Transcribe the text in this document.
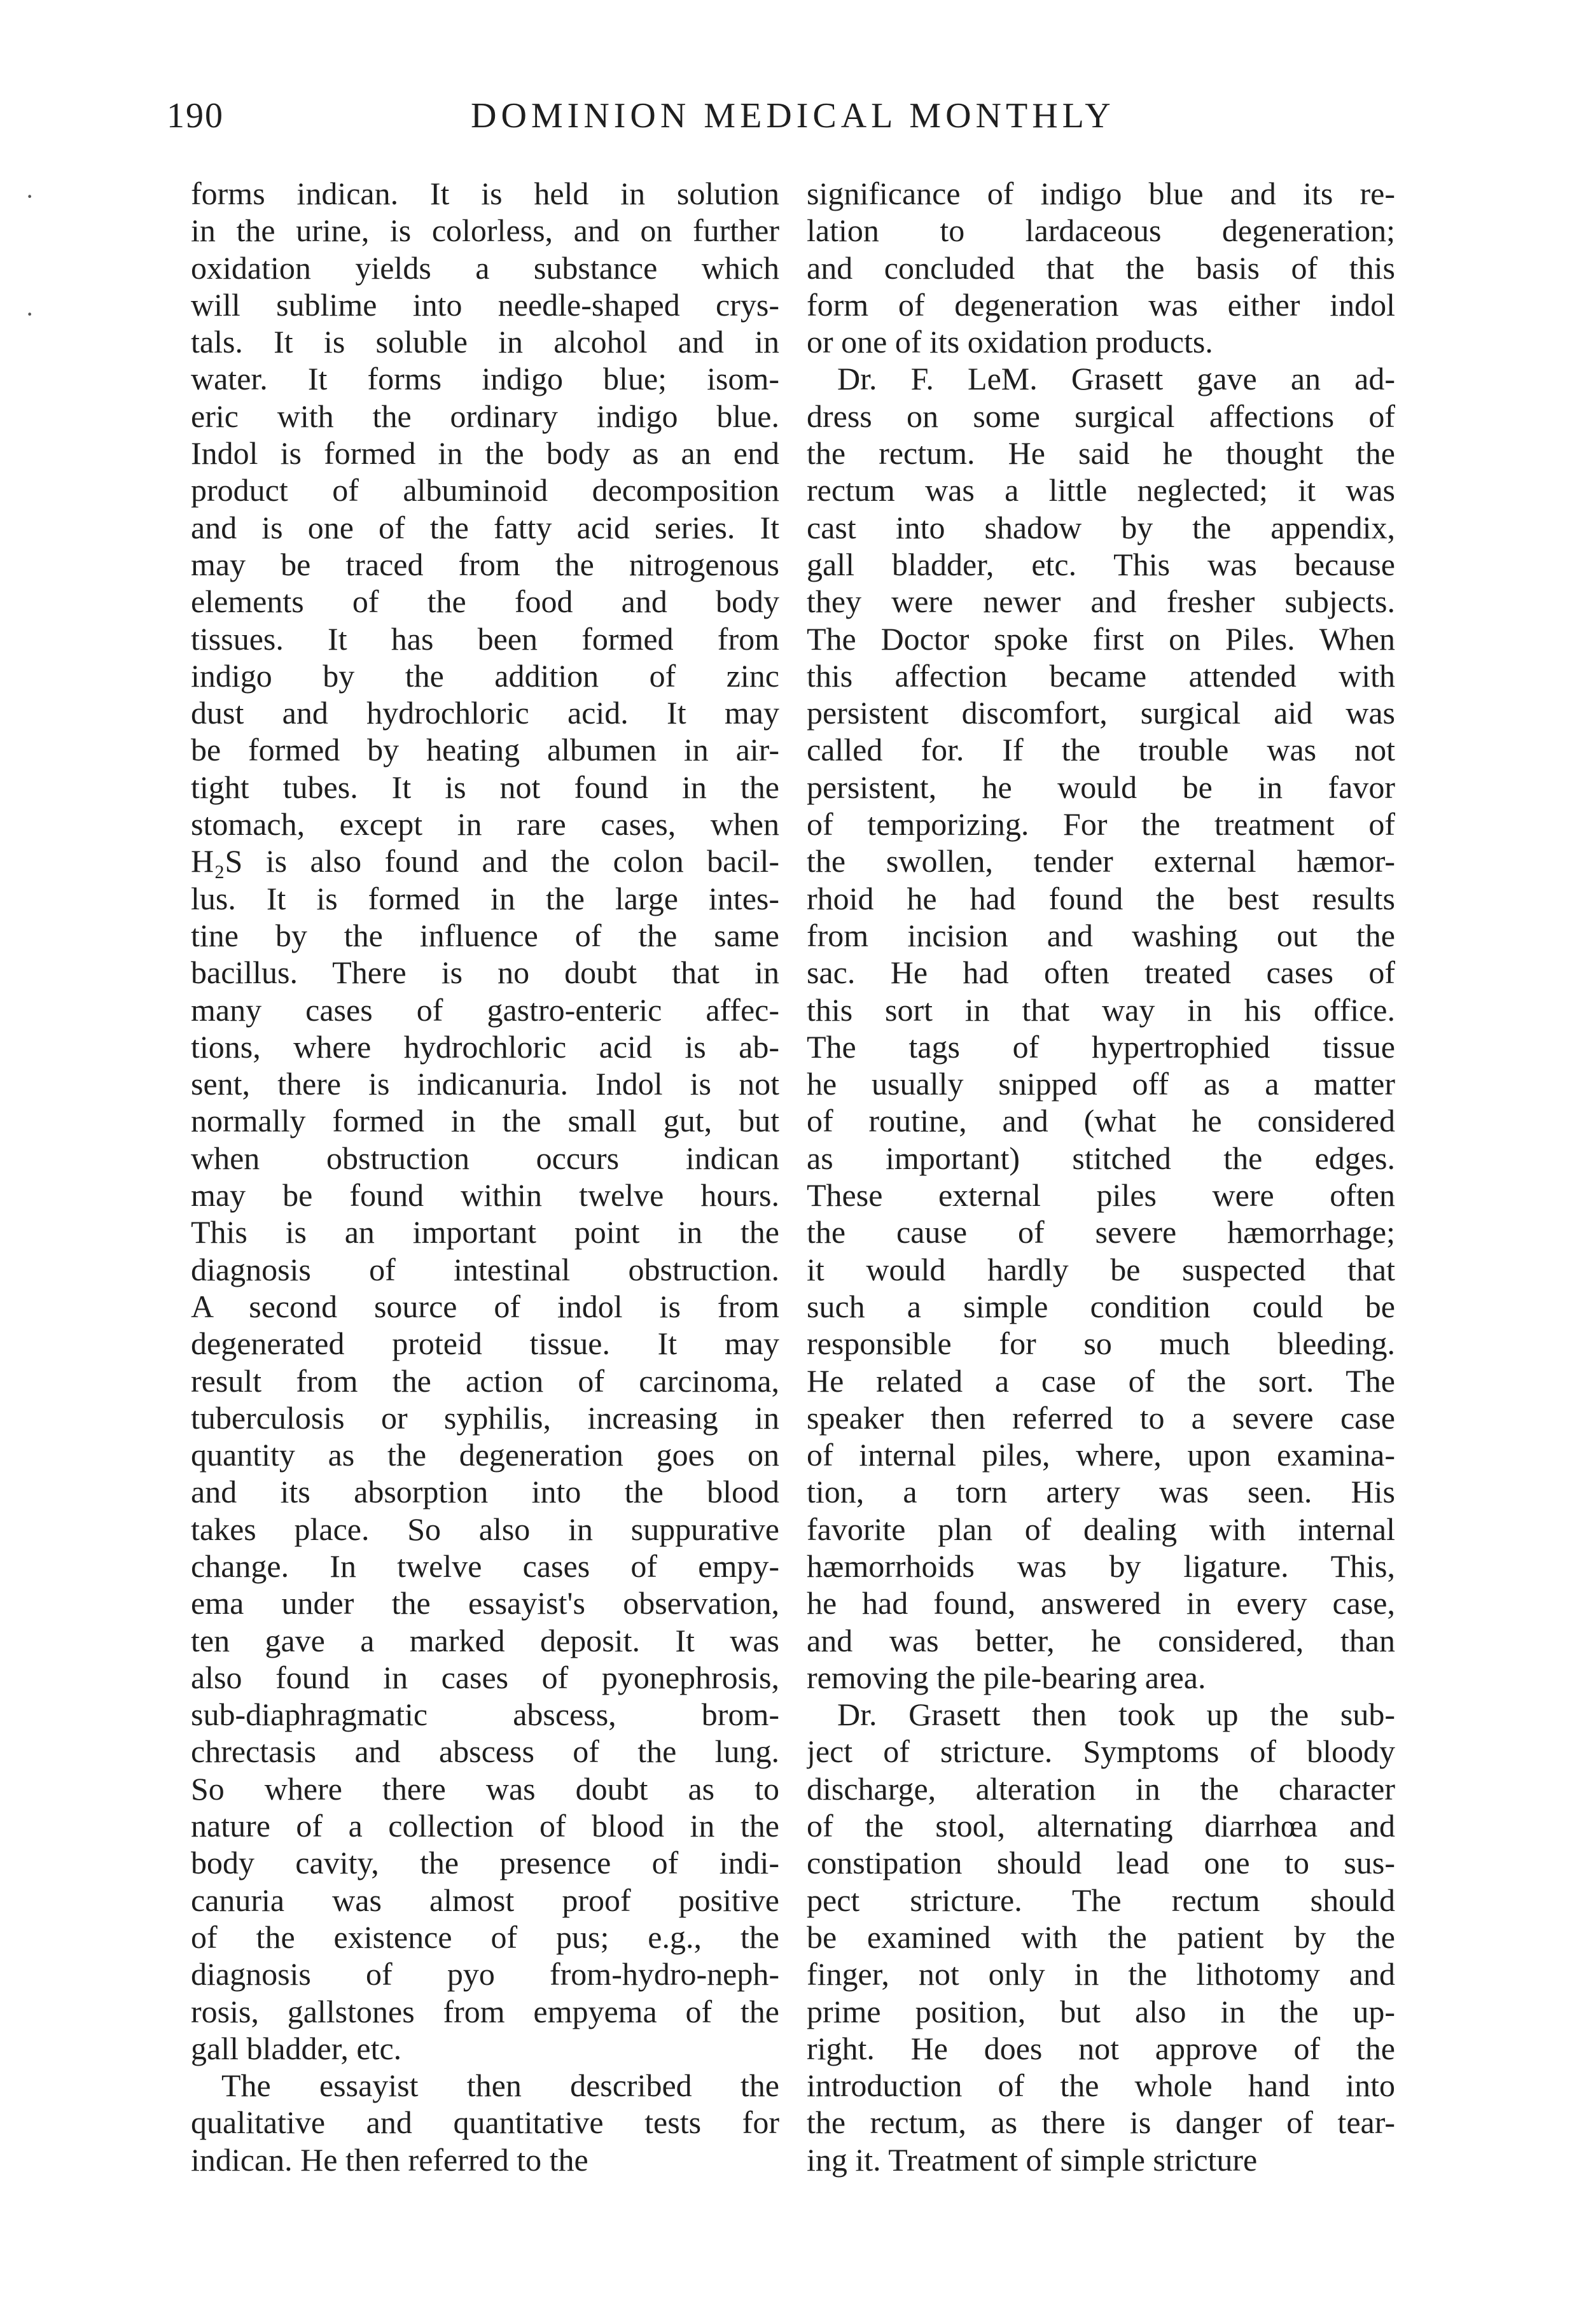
190	DOMINION MEDICAL MONTHLY
·
·
forms indican. It is held in solution
in the urine, is colorless, and on further
oxidation yields a substance which
will sublime into needle-shaped crys-
tals. It is soluble in alcohol and in
water. It forms indigo blue; isom-
eric with the ordinary indigo blue.
Indol is formed in the body as an end
product of albuminoid decomposition
and is one of the fatty acid series. It
may be traced from the nitrogenous
elements of the food and body
tissues. It has been formed from
indigo by the addition of zinc
dust and hydrochloric acid. It may
be formed by heating albumen in air-
tight tubes. It is not found in the
stomach, except in rare cases, when
H₂S is also found and the colon bacil-
lus. It is formed in the large intes-
tine by the influence of the same
bacillus. There is no doubt that in
many cases of gastro-enteric affec-
tions, where hydrochloric acid is ab-
sent, there is indicanuria. Indol is not
normally formed in the small gut, but
when obstruction occurs indican
may be found within twelve hours.
This is an important point in the
diagnosis of intestinal obstruction.
A second source of indol is from
degenerated proteid tissue. It may
result from the action of carcinoma,
tuberculosis or syphilis, increasing in
quantity as the degeneration goes on
and its absorption into the blood
takes place. So also in suppurative
change. In twelve cases of empy-
ema under the essayist's observation,
ten gave a marked deposit. It was
also found in cases of pyonephrosis,
sub-diaphragmatic abscess, brom-
chrectasis and abscess of the lung.
So where there was doubt as to
nature of a collection of blood in the
body cavity, the presence of indi-
canuria was almost proof positive
of the existence of pus; e.g., the
diagnosis of pyo from-hydro-neph-
rosis, gallstones from empyema of the
gall bladder, etc.
The essayist then described the
qualitative and quantitative tests for
indican. He then referred to the
significance of indigo blue and its re-
lation to lardaceous degeneration;
and concluded that the basis of this
form of degeneration was either indol
or one of its oxidation products.
Dr. F. LeM. Grasett gave an ad-
dress on some surgical affections of
the rectum. He said he thought the
rectum was a little neglected; it was
cast into shadow by the appendix,
gall bladder, etc. This was because
they were newer and fresher subjects.
The Doctor spoke first on Piles. When
this affection became attended with
persistent discomfort, surgical aid was
called for. If the trouble was not
persistent, he would be in favor
of temporizing. For the treatment of
the swollen, tender external hæmor-
rhoid he had found the best results
from incision and washing out the
sac. He had often treated cases of
this sort in that way in his office.
The tags of hypertrophied tissue
he usually snipped off as a matter
of routine, and (what he considered
as important) stitched the edges.
These external piles were often
the cause of severe hæmorrhage;
it would hardly be suspected that
such a simple condition could be
responsible for so much bleeding.
He related a case of the sort. The
speaker then referred to a severe case
of internal piles, where, upon examina-
tion, a torn artery was seen. His
favorite plan of dealing with internal
hæmorrhoids was by ligature. This,
he had found, answered in every case,
and was better, he considered, than
removing the pile-bearing area.
Dr. Grasett then took up the sub-
ject of stricture. Symptoms of bloody
discharge, alteration in the character
of the stool, alternating diarrhœa and
constipation should lead one to sus-
pect stricture. The rectum should
be examined with the patient by the
finger, not only in the lithotomy and
prime position, but also in the up-
right. He does not approve of the
introduction of the whole hand into
the rectum, as there is danger of tear-
ing it. Treatment of simple stricture
